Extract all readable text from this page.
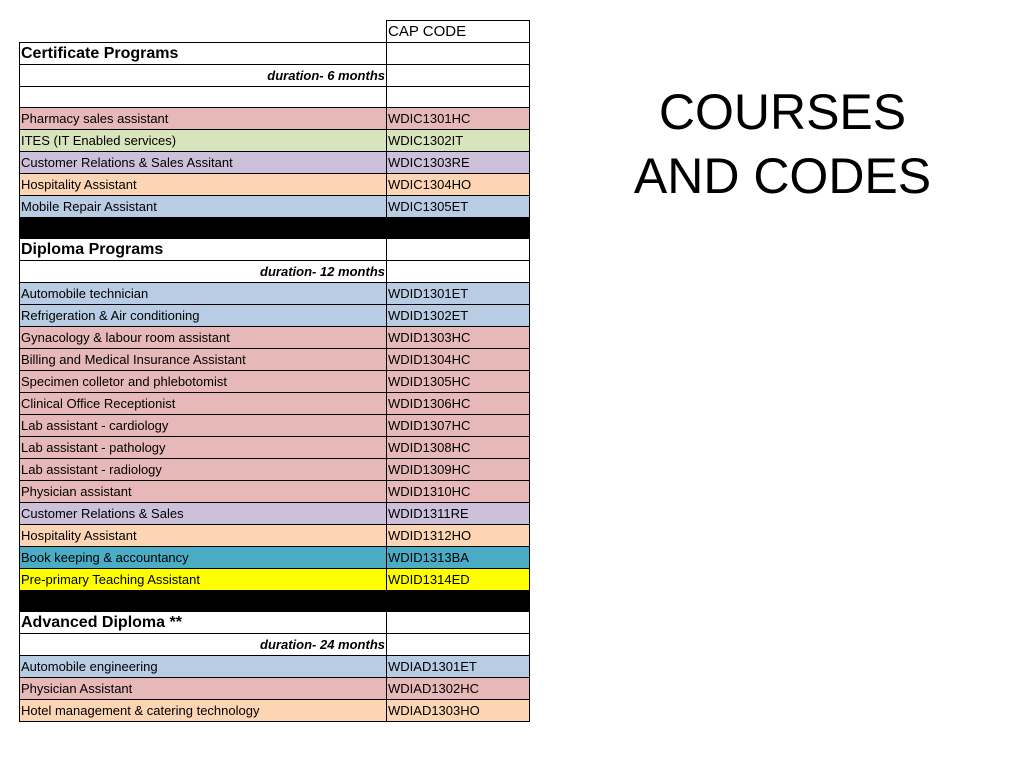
	CAP CODE
Certificate Programs	
duration- 6 months	

Pharmacy sales assistant	WDIC1301HC
ITES (IT Enabled services)	WDIC1302IT
Customer Relations & Sales Assitant	WDIC1303RE
Hospitality Assistant	WDIC1304HO
Mobile Repair Assistant	WDIC1305ET

Diploma Programs	
duration- 12 months	
Automobile technician	WDID1301ET
Refrigeration & Air conditioning	WDID1302ET
Gynacology & labour room assistant	WDID1303HC
Billing and Medical Insurance Assistant	WDID1304HC
Specimen colletor and phlebotomist	WDID1305HC
Clinical Office Receptionist	WDID1306HC
Lab assistant - cardiology	WDID1307HC
Lab assistant - pathology	WDID1308HC
Lab assistant - radiology	WDID1309HC
Physician assistant	WDID1310HC
Customer Relations & Sales	WDID1311RE
Hospitality Assistant	WDID1312HO
Book keeping & accountancy	WDID1313BA
Pre-primary Teaching Assistant	WDID1314ED

Advanced Diploma **	
duration- 24 months	
Automobile engineering	WDIAD1301ET
Physician Assistant	WDIAD1302HC
Hotel management & catering technology	WDIAD1303HO
COURSES
AND CODES
